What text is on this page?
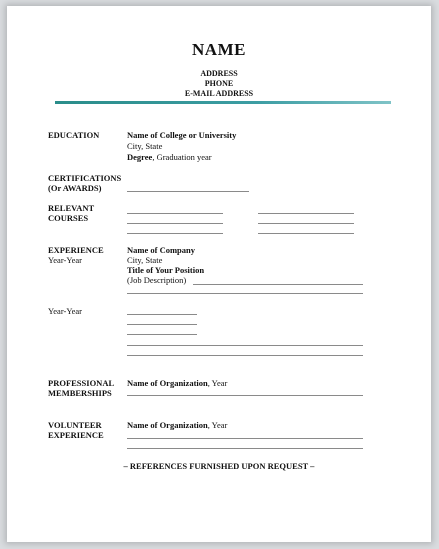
NAME
ADDRESS
PHONE
E-MAIL ADDRESS
EDUCATION	Name of College or University
City, State
Degree, Graduation year
CERTIFICATIONS
(Or AWARDS)
RELEVANT
COURSES
EXPERIENCE
Year-Year
Name of Company
City, State
Title of Your Position
(Job Description)
Year-Year
PROFESSIONAL
MEMBERSHIPS
Name of Organization, Year
VOLUNTEER
EXPERIENCE
Name of Organization, Year
– REFERENCES FURNISHED UPON REQUEST –
